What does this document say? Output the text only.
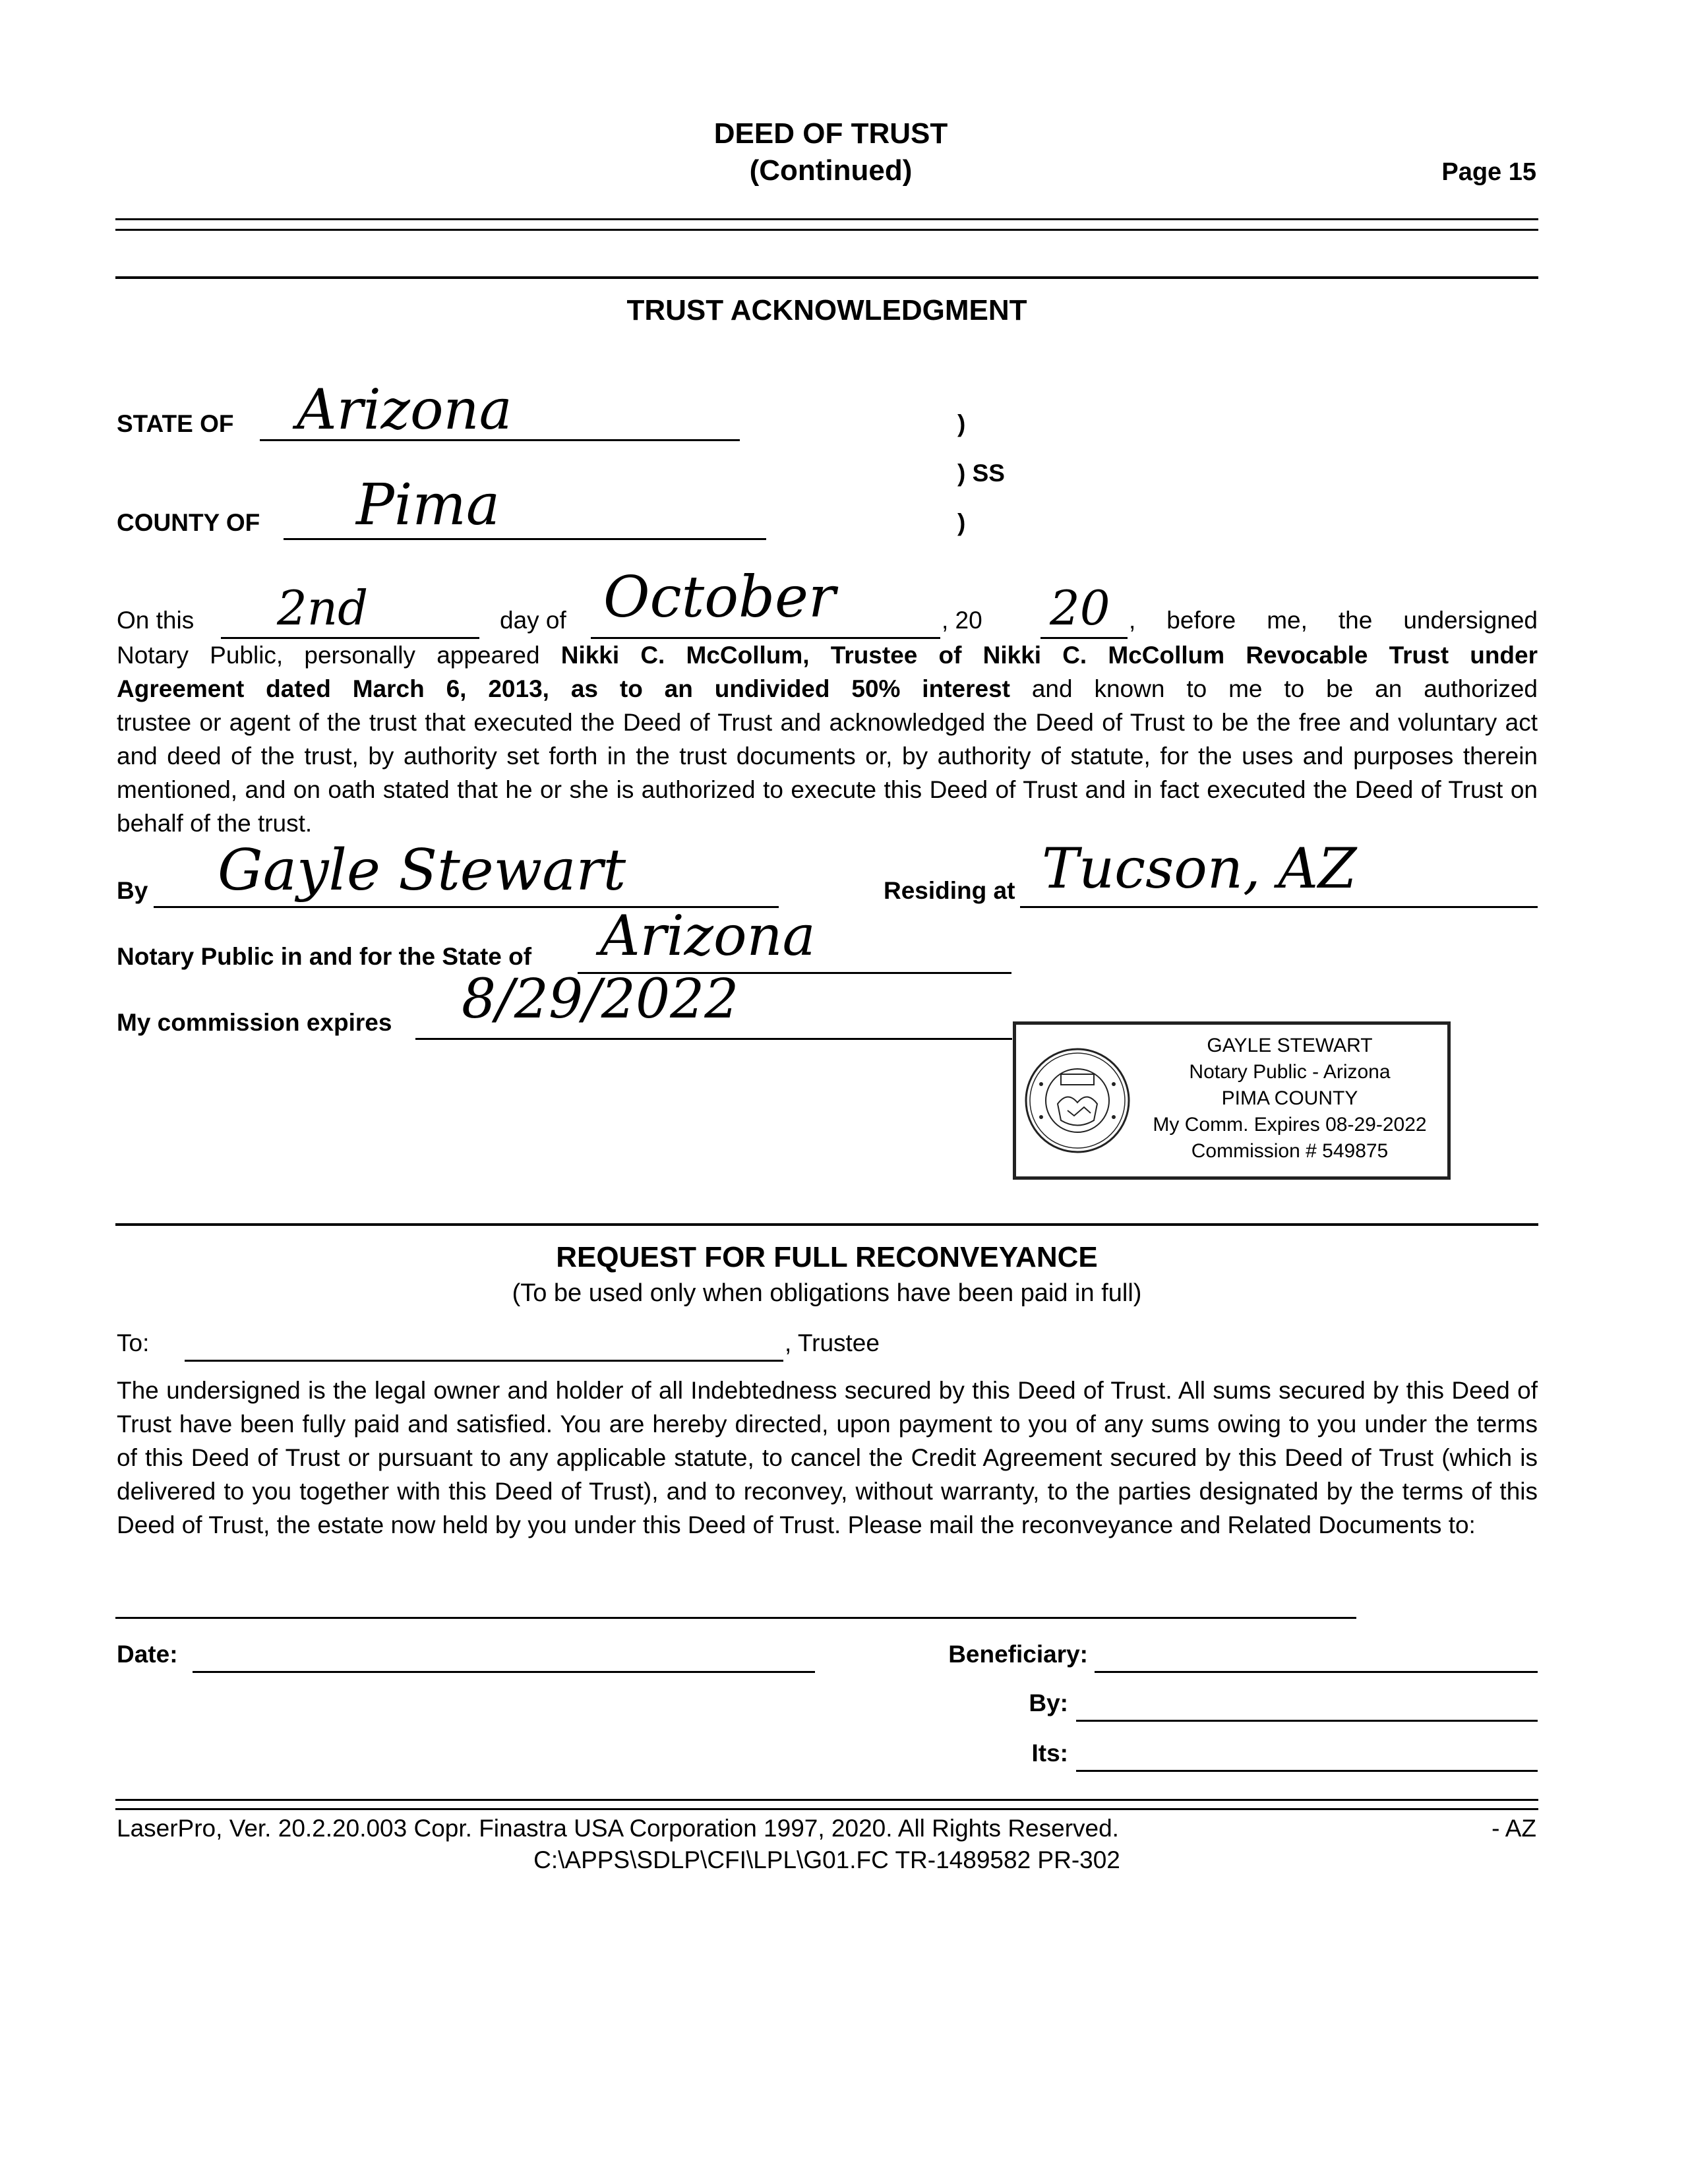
DEED OF TRUST
(Continued)	Page 15
TRUST ACKNOWLEDGMENT
STATE OF Arizona
COUNTY OF Pima
)
) SS
)
On this 2nd	day of October	, 20 20 , before me, the undersigned
Notary Public, personally appeared Nikki C. McCollum, Trustee of Nikki C. McCollum Revocable Trust under
Agreement dated March 6, 2013, as to an undivided 50% interest and known to me to be an authorized
trustee or agent of the trust that executed the Deed of Trust and acknowledged the Deed of Trust to be the free and voluntary act and deed of the trust, by authority set forth in the trust documents or, by authority of statute, for the uses and purposes therein mentioned, and on oath stated that he or she is authorized to execute this Deed of Trust and in fact executed the Deed of Trust on behalf of the trust.
By Gayle Stewart	Residing at Tucson, AZ
Notary Public in and for the State of Arizona
My commission expires 8/29/2022
GAYLE STEWART
Notary Public - Arizona
PIMA COUNTY
My Comm. Expires 08-29-2022
Commission # 549875
REQUEST FOR FULL RECONVEYANCE
(To be used only when obligations have been paid in full)
To:	, Trustee
The undersigned is the legal owner and holder of all Indebtedness secured by this Deed of Trust. All sums secured by this Deed of Trust have been fully paid and satisfied. You are hereby directed, upon payment to you of any sums owing to you under the terms of this Deed of Trust or pursuant to any applicable statute, to cancel the Credit Agreement secured by this Deed of Trust (which is delivered to you together with this Deed of Trust), and to reconvey, without warranty, to the parties designated by the terms of this Deed of Trust, the estate now held by you under this Deed of Trust. Please mail the reconveyance and Related Documents to:
Date:	Beneficiary:
By:
Its:
LaserPro, Ver. 20.2.20.003 Copr. Finastra USA Corporation 1997, 2020. All Rights Reserved.	- AZ
C:\APPS\SDLP\CFI\LPL\G01.FC TR-1489582 PR-302
